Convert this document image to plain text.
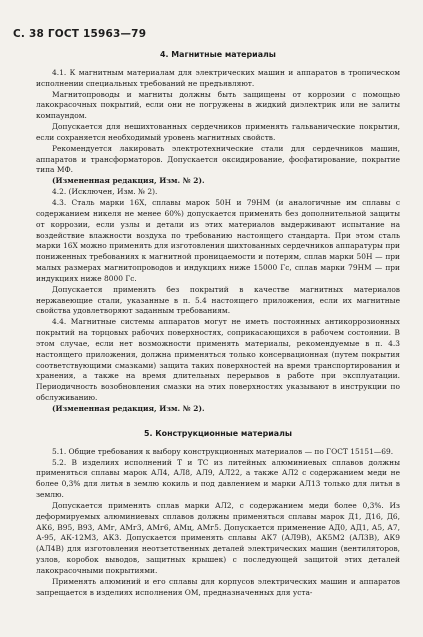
С. 38 ГОСТ 15963—79
4. Магнитные материалы

4.1. К магнитным материалам для электрических машин и аппаратов в тропическом исполнении специальных требований не предъявляют.

Магнитопроводы и магниты должны быть защищены от коррозии с помощью лакокрасочных покрытий, если они не погружены в жидкий диэлектрик или не залиты компаундом.

Допускается для нешихтованных сердечников применять гальванические покрытия, если сохраняется необходимый уровень магнитных свойств.

Рекомендуется лакировать электротехнические стали для сердечников машин, аппаратов и трансформаторов. Допускается оксидирование, фосфатирование, покрытие типа МФ.

(Измененная редакция, Изм. № 2).

4.2. (Исключен, Изм. № 2).

4.3. Сталь марки 16Х, сплавы марок 50Н и 79НМ (и аналогичные им сплавы с содержанием никеля не менее 60%) допускается применять без дополнительной защиты от коррозии, если узлы и детали из этих материалов выдерживают испытание на воздействие влажности воздуха по требованию настоящего стандарта. При этом сталь марки 16Х можно применять для изготовления шихтованных сердечников аппаратуры при пониженных требованиях к магнитной проницаемости и потерям, сплав марки 50Н — при малых размерах магнитопроводов и индукциях ниже 15000 Гс, сплав марки 79НМ — при индукциях ниже 8000 Гс.

Допускается применять без покрытий в качестве магнитных материалов нержавеющие стали, указанные в п. 5.4 настоящего приложения, если их магнитные свойства удовлетворяют заданным требованиям.

4.4. Магнитные системы аппаратов могут не иметь постоянных антикоррозионных покрытий на торцовых рабочих поверхностях, соприкасающихся в рабочем состоянии. В этом случае, если нет возможности применять материалы, рекомендуемые в п. 4.3 настоящего приложения, должна применяться только консервационная (путем покрытия соответствующими смазками) защита таких поверхностей на время транспортирования и хранения, а также на время длительных перерывов в работе при эксплуатации. Периодичность возобновления смазки на этих поверхностях указывают в инструкции по обслуживанию.

(Измененная редакция, Изм. № 2).

5. Конструкционные материалы

5.1. Общие требования к выбору конструкционных материалов — по ГОСТ 15151—69.

5.2. В изделиях исполнений Т и ТС из литейных алюминиевых сплавов должны применяться сплавы марок АЛ4, АЛ8, АЛ9, АЛ22, а также АЛ2 с содержанием меди не более 0,3% для литья в землю кокиль и под давлением и марки АЛ13 только для литья в землю.

Допускается применять сплав марки АЛ2, с содержанием меди более 0,3%. Из деформируемых алюминиевых сплавов должны применяться сплавы марок Д1, Д16, Д6, АК6, В95, В93, АМг, АМг3, АМг6, АМц, АМг5. Допускается применение АД0, АД1, А5, А7, А-95, АК-12М3, АК3. Допускается применять сплавы АК7 (АЛ9В), АК5М2 (АЛ3В), АК9 (АЛ4В) для изготовления неотзетственных деталей электрических машин (вентиляторов, узлов, коробок выводов, защитных крышек) с последующей защитой этих деталей лакокрасочными покрытиями.

Применять алюминий и его сплавы для корпусов электрических машин и аппаратов запрещается в изделиях исполнения ОМ, предназначенных для уста-
